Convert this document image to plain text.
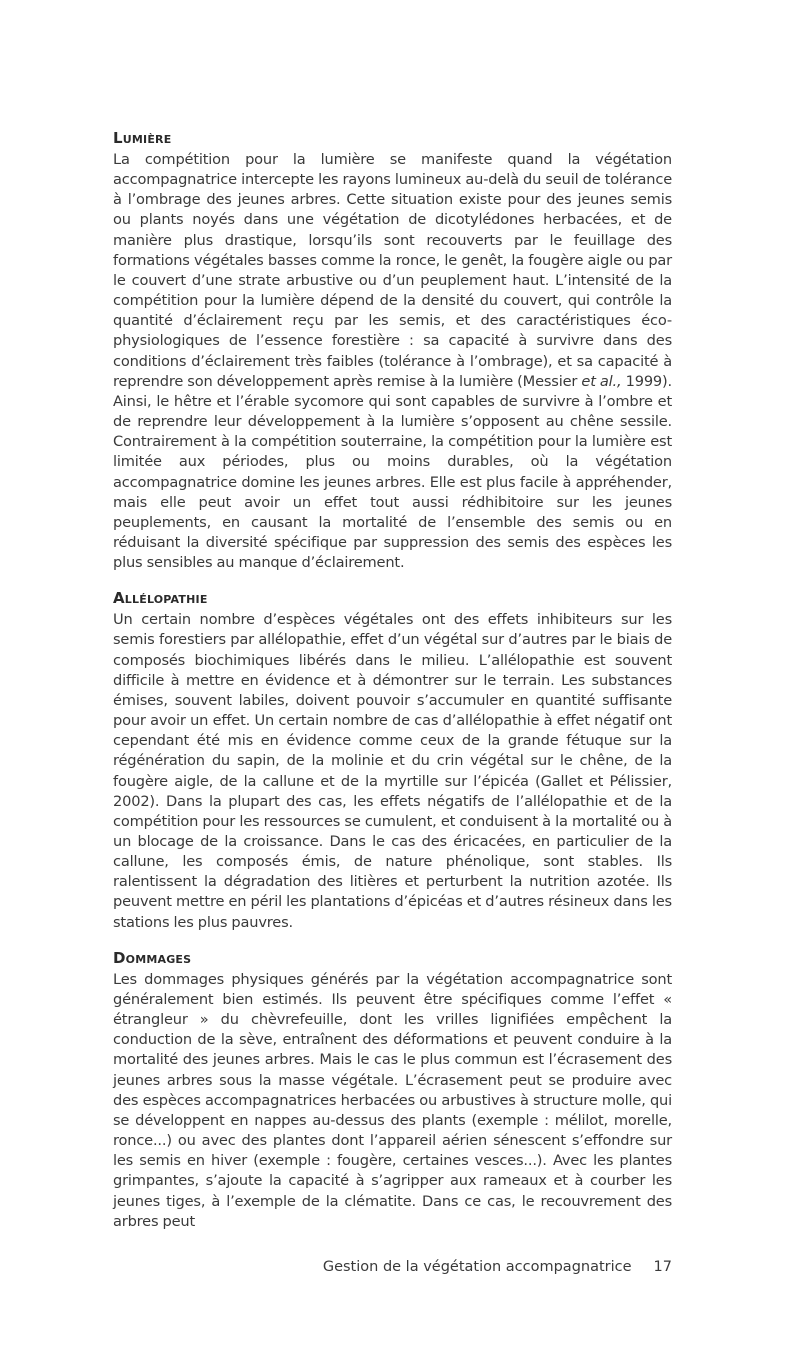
Lumière

La compétition pour la lumière se manifeste quand la végétation accompagnatrice intercepte les rayons lumineux au-delà du seuil de tolérance à l’ombrage des jeunes arbres. Cette situation existe pour des jeunes semis ou plants noyés dans une végétation de dicotylédones herbacées, et de manière plus drastique, lorsqu’ils sont recouverts par le feuillage des formations végétales basses comme la ronce, le genêt, la fougère aigle ou par le couvert d’une strate arbustive ou d’un peuplement haut. L’intensité de la compétition pour la lumière dépend de la densité du couvert, qui contrôle la quantité d’éclairement reçu par les semis, et des caractéristiques éco-physiologiques de l’essence forestière : sa capacité à survivre dans des conditions d’éclairement très faibles (tolérance à l’ombrage), et sa capacité à reprendre son développement après remise à la lumière (Messier et al., 1999). Ainsi, le hêtre et l’érable sycomore qui sont capables de survivre à l’ombre et de reprendre leur développement à la lumière s’opposent au chêne sessile. Contrairement à la compétition souterraine, la compétition pour la lumière est limitée aux périodes, plus ou moins durables, où la végétation accompagnatrice domine les jeunes arbres. Elle est plus facile à appréhender, mais elle peut avoir un effet tout aussi rédhibitoire sur les jeunes peuplements, en causant la mortalité de l’ensemble des semis ou en réduisant la diversité spécifique par suppression des semis des espèces les plus sensibles au manque d’éclairement.

Allélopathie

Un certain nombre d’espèces végétales ont des effets inhibiteurs sur les semis forestiers par allélopathie, effet d’un végétal sur d’autres par le biais de composés biochimiques libérés dans le milieu. L’allélopathie est souvent difficile à mettre en évidence et à démontrer sur le terrain. Les substances émises, souvent labiles, doivent pouvoir s’accumuler en quantité suffisante pour avoir un effet. Un certain nombre de cas d’allélopathie à effet négatif ont cependant été mis en évidence comme ceux de la grande fétuque sur la régénération du sapin, de la molinie et du crin végétal sur le chêne, de la fougère aigle, de la callune et de la myrtille sur l’épicéa (Gallet et Pélissier, 2002). Dans la plupart des cas, les effets négatifs de l’allélopathie et de la compétition pour les ressources se cumulent, et conduisent à la mortalité ou à un blocage de la croissance. Dans le cas des éricacées, en particulier de la callune, les composés émis, de nature phénolique, sont stables. Ils ralentissent la dégradation des litières et perturbent la nutrition azotée. Ils peuvent mettre en péril les plantations d’épicéas et d’autres résineux dans les stations les plus pauvres.

Dommages

Les dommages physiques générés par la végétation accompagnatrice sont généralement bien estimés. Ils peuvent être spécifiques comme l’effet « étrangleur » du chèvrefeuille, dont les vrilles lignifiées empêchent la conduction de la sève, entraînent des déformations et peuvent conduire à la mortalité des jeunes arbres. Mais le cas le plus commun est l’écrasement des jeunes arbres sous la masse végétale. L’écrasement peut se produire avec des espèces accompagnatrices herbacées ou arbustives à structure molle, qui se développent en nappes au-dessus des plants (exemple : mélilot, morelle, ronce...) ou avec des plantes dont l’appareil aérien sénescent s’effondre sur les semis en hiver (exemple : fougère, certaines vesces...). Avec les plantes grimpantes, s’ajoute la capacité à s’agripper aux rameaux et à courber les jeunes tiges, à l’exemple de la clématite. Dans ce cas, le recouvrement des arbres peut

Gestion de la végétation accompagnatrice 17
